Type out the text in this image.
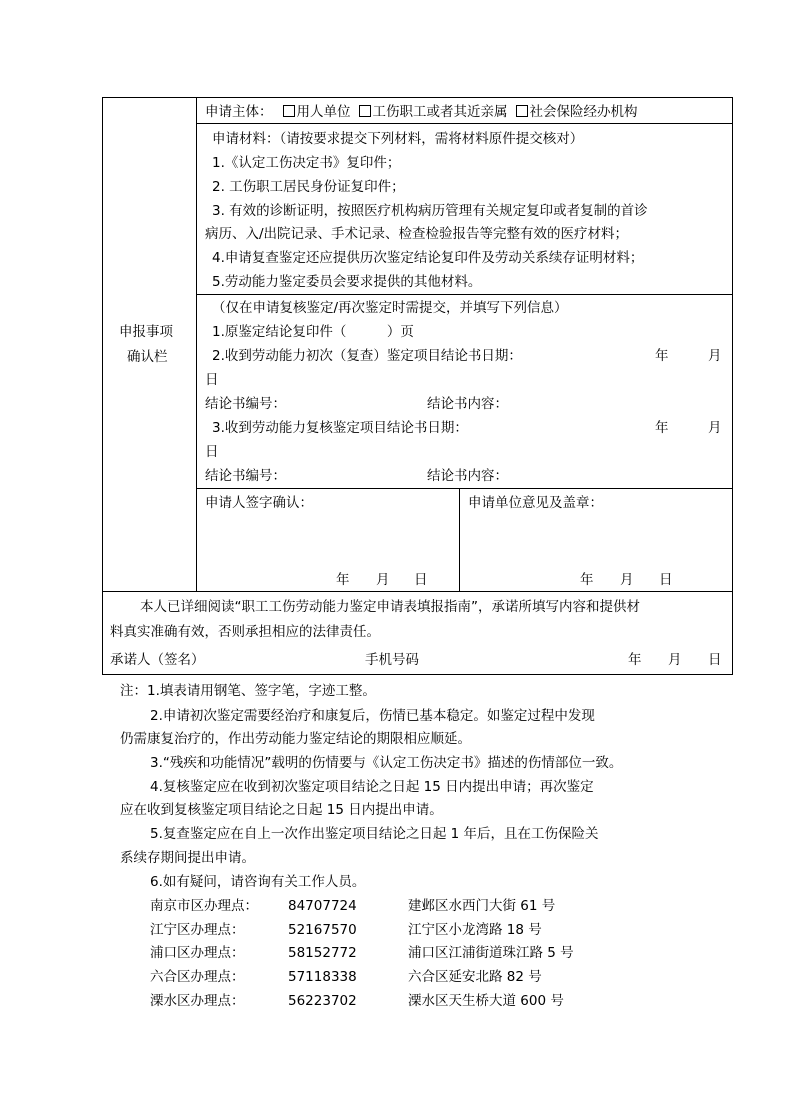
申报事项
确认栏
申请主体： 用人单位 工伤职工或者其近亲属 社会保险经办机构
申请材料：（请按要求提交下列材料，需将材料原件提交核对）
1.《认定工伤决定书》复印件；
2. 工伤职工居民身份证复印件；
3. 有效的诊断证明，按照医疗机构病历管理有关规定复印或者复制的首诊
病历、入/出院记录、手术记录、检查检验报告等完整有效的医疗材料；
4.申请复查鉴定还应提供历次鉴定结论复印件及劳动关系续存证明材料；
5.劳动能力鉴定委员会要求提供的其他材料。
（仅在申请复核鉴定/再次鉴定时需提交，并填写下列信息）
1.原鉴定结论复印件（　　　）页
2.收到劳动能力初次（复查）鉴定项目结论书日期：	年	月
日
结论书编号：	结论书内容：
3.收到劳动能力复核鉴定项目结论书日期：	年	月
日
结论书编号：	结论书内容：
申请人签字确认：	申请单位意见及盖章：
年 月 日	年 月 日
本人已详细阅读“职工工伤劳动能力鉴定申请表填报指南”，承诺所填写内容和提供材
料真实准确有效，否则承担相应的法律责任。
承诺人（签名）	手机号码	年 月 日
注：1.填表请用钢笔、签字笔，字迹工整。
2.申请初次鉴定需要经治疗和康复后，伤情已基本稳定。如鉴定过程中发现
仍需康复治疗的，作出劳动能力鉴定结论的期限相应顺延。
3.“残疾和功能情况”载明的伤情要与《认定工伤决定书》描述的伤情部位一致。
4.复核鉴定应在收到初次鉴定项目结论之日起 15 日内提出申请；再次鉴定
应在收到复核鉴定项目结论之日起 15 日内提出申请。
5.复查鉴定应在自上一次作出鉴定项目结论之日起 1 年后，且在工伤保险关
系续存期间提出申请。
6.如有疑问，请咨询有关工作人员。
南京市区办理点： 84707724	建邺区水西门大街 61 号
江宁区办理点：	52167570	江宁区小龙湾路 18 号
浦口区办理点：	58152772	浦口区江浦街道珠江路 5 号
六合区办理点：	57118338	六合区延安北路 82 号
溧水区办理点：	56223702	溧水区天生桥大道 600 号
